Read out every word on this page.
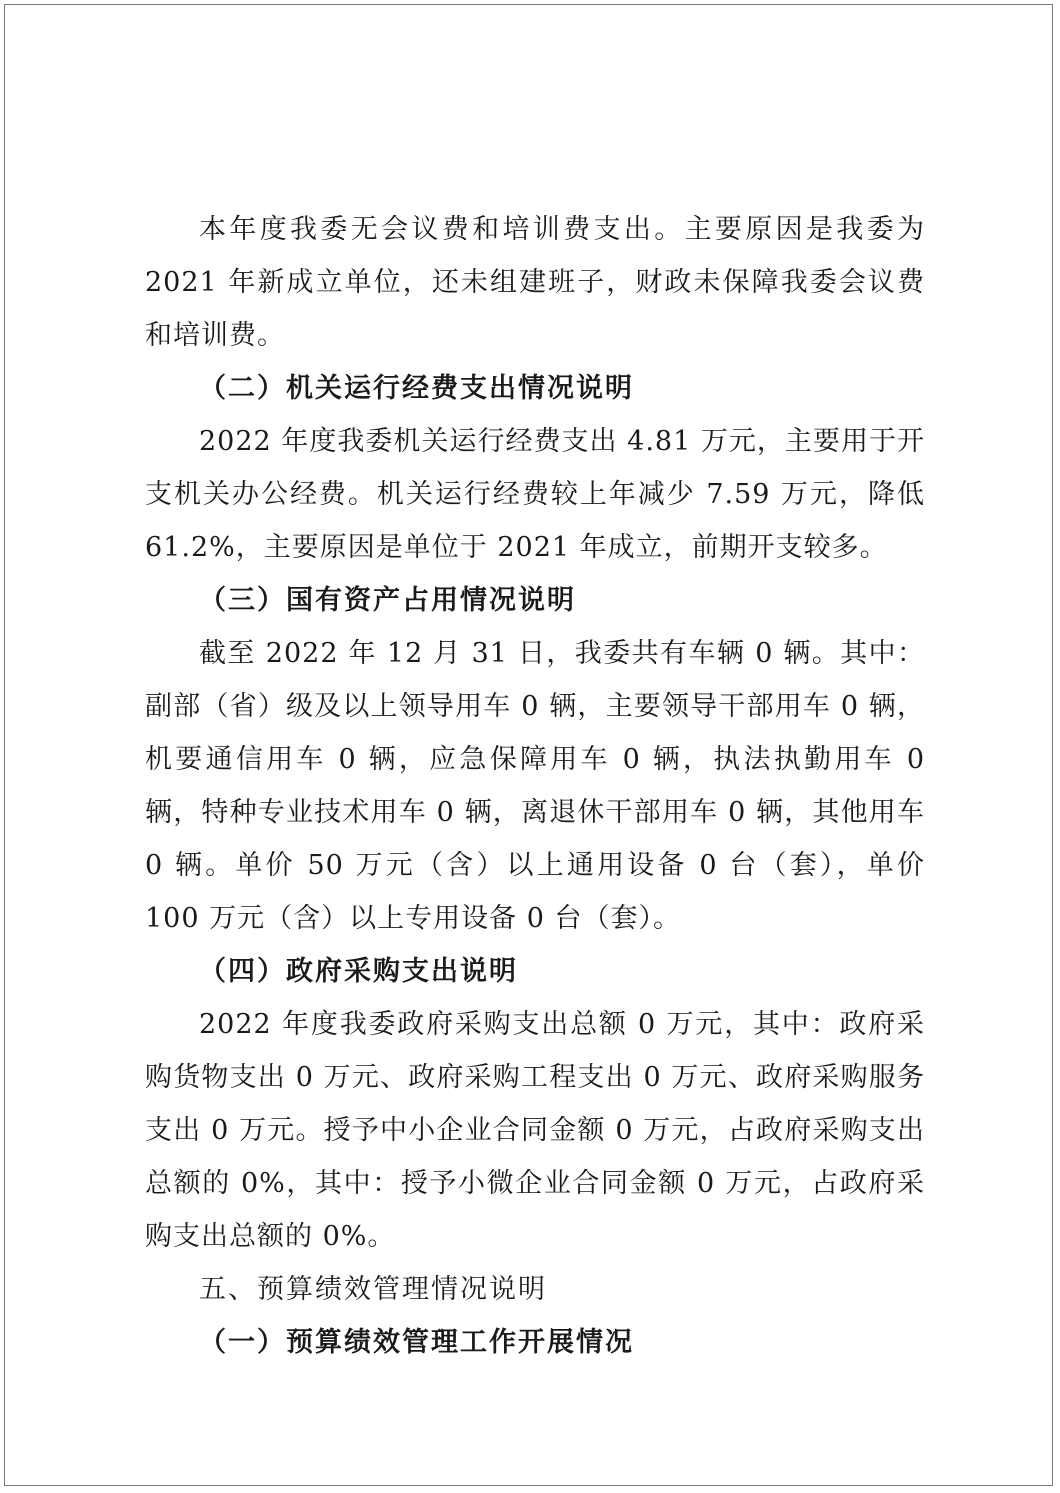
本年度我委无会议费和培训费支出。主要原因是我委为 2021 年新成立单位，还未组建班子，财政未保障我委会议费和培训费。

（二）机关运行经费支出情况说明

2022 年度我委机关运行经费支出 4.81 万元，主要用于开支机关办公经费。机关运行经费较上年减少 7.59 万元，降低 61.2%，主要原因是单位于 2021 年成立，前期开支较多。

（三）国有资产占用情况说明

截至 2022 年 12 月 31 日，我委共有车辆 0 辆。其中：副部（省）级及以上领导用车 0 辆，主要领导干部用车 0 辆，机要通信用车 0 辆，应急保障用车 0 辆，执法执勤用车 0 辆，特种专业技术用车 0 辆，离退休干部用车 0 辆，其他用车 0 辆。单价 50 万元（含）以上通用设备 0 台（套），单价 100 万元（含）以上专用设备 0 台（套）。

（四）政府采购支出说明

2022 年度我委政府采购支出总额 0 万元，其中：政府采购货物支出 0 万元、政府采购工程支出 0 万元、政府采购服务支出 0 万元。授予中小企业合同金额 0 万元，占政府采购支出总额的 0%，其中：授予小微企业合同金额 0 万元，占政府采购支出总额的 0%。

五、预算绩效管理情况说明

（一）预算绩效管理工作开展情况
